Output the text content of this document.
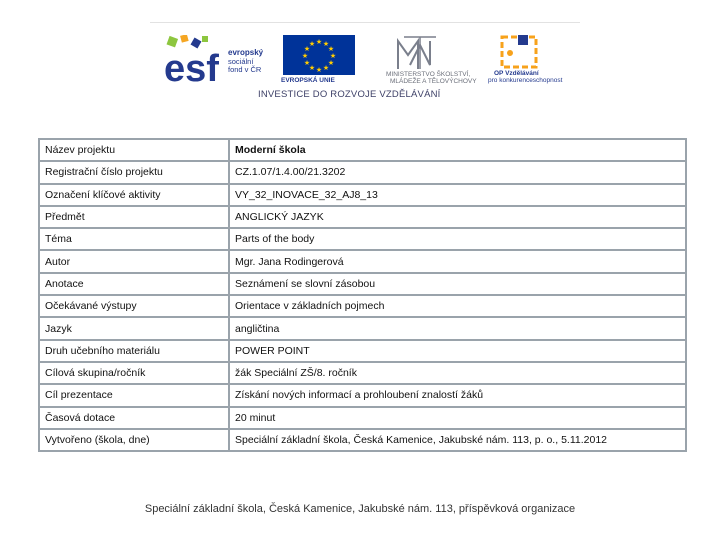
esf evropský
sociální
fond v ČR
★ ★
★
★
★
★
★
★
★
★
★
★
EVROPSKÁ UNIE
MINISTERSTVO ŠKOLSTVÍ,
MLÁDEŽE A TĚLOVÝCHOVY
OP Vzdělávání
pro konkurenceschopnost
INVESTICE DO ROZVOJE VZDĚLÁVÁNÍ
Název projektu	Moderní škola
Registrační číslo projektu	CZ.1.07/1.4.00/21.3202
Označení klíčové aktivity	VY_32_INOVACE_32_AJ8_13
Předmět	ANGLICKÝ JAZYK
Téma	Parts of the body
Autor	Mgr. Jana Rodingerová
Anotace	Seznámení se slovní zásobou
Očekávané výstupy	Orientace v základních pojmech
Jazyk	angličtina
Druh učebního materiálu	POWER POINT
Cílová skupina/ročník	žák Speciální ZŠ/8. ročník
Cíl prezentace	Získání nových informací a prohloubení znalostí žáků
Časová dotace	20 minut
Vytvořeno (škola, dne)	Speciální základní škola, Česká Kamenice, Jakubské nám. 113, p. o., 5.11.2012
Speciální základní škola, Česká Kamenice, Jakubské nám. 113, příspěvková organizace
